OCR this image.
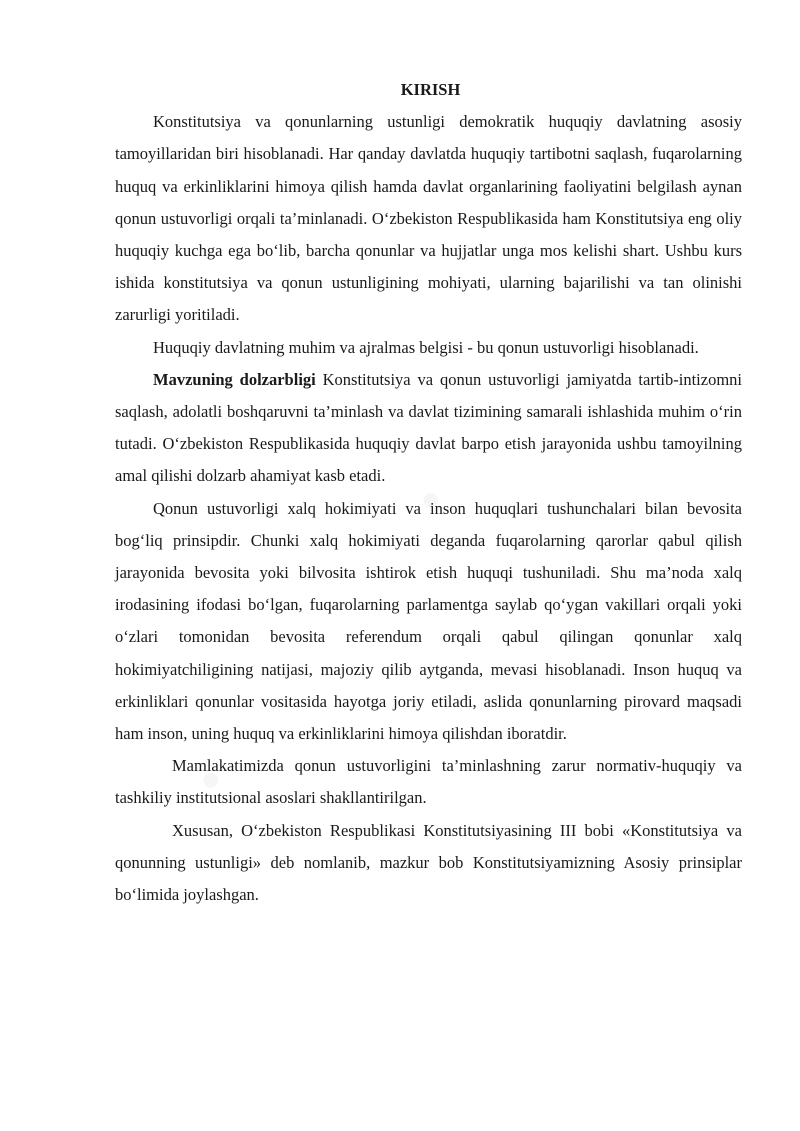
KIRISH

Konstitutsiya va qonunlarning ustunligi demokratik huquqiy davlatning asosiy tamoyillaridan biri hisoblanadi. Har qanday davlatda huquqiy tartibotni saqlash, fuqarolarning huquq va erkinliklarini himoya qilish hamda davlat organlarining faoliyatini belgilash aynan qonun ustuvorligi orqali ta’minlanadi. O‘zbekiston Respublikasida ham Konstitutsiya eng oliy huquqiy kuchga ega bo‘lib, barcha qonunlar va hujjatlar unga mos kelishi shart. Ushbu kurs ishida konstitutsiya va qonun ustunligining mohiyati, ularning bajarilishi va tan olinishi zarurligi yoritiladi.

Huquqiy davlatning muhim va ajralmas belgisi - bu qonun ustuvorligi hisoblanadi.

Mavzuning dolzarbligi Konstitutsiya va qonun ustuvorligi jamiyatda tartib-intizomni saqlash, adolatli boshqaruvni ta’minlash va davlat tizimining samarali ishlashida muhim o‘rin tutadi. O‘zbekiston Respublikasida huquqiy davlat barpo etish jarayonida ushbu tamoyilning amal qilishi dolzarb ahamiyat kasb etadi.

Qonun ustuvorligi xalq hokimiyati va inson huquqlari tushunchalari bilan bevosita bog‘liq prinsipdir. Chunki xalq hokimiyati deganda fuqarolarning qarorlar qabul qilish jarayonida bevosita yoki bilvosita ishtirok etish huquqi tushuniladi. Shu ma’noda xalq irodasining ifodasi bo‘lgan, fuqarolarning parlamentga saylab qo‘ygan vakillari orqali yoki o‘zlari tomonidan bevosita referendum orqali qabul qilingan qonunlar xalq hokimiyatchiligining natijasi, majoziy qilib aytganda, mevasi hisoblanadi. Inson huquq va erkinliklari qonunlar vositasida hayotga joriy etiladi, aslida qonunlarning pirovard maqsadi ham inson, uning huquq va erkinliklarini himoya qilishdan iboratdir.

Mamlakatimizda qonun ustuvorligini ta’minlashning zarur normativ-huquqiy va tashkiliy institutsional asoslari shakllantirilgan.

Xususan, O‘zbekiston Respublikasi Konstitutsiyasining III bobi «Konstitutsiya va qonunning ustunligi» deb nomlanib, mazkur bob Konstitutsiyamizning Asosiy prinsiplar bo‘limida joylashgan.
